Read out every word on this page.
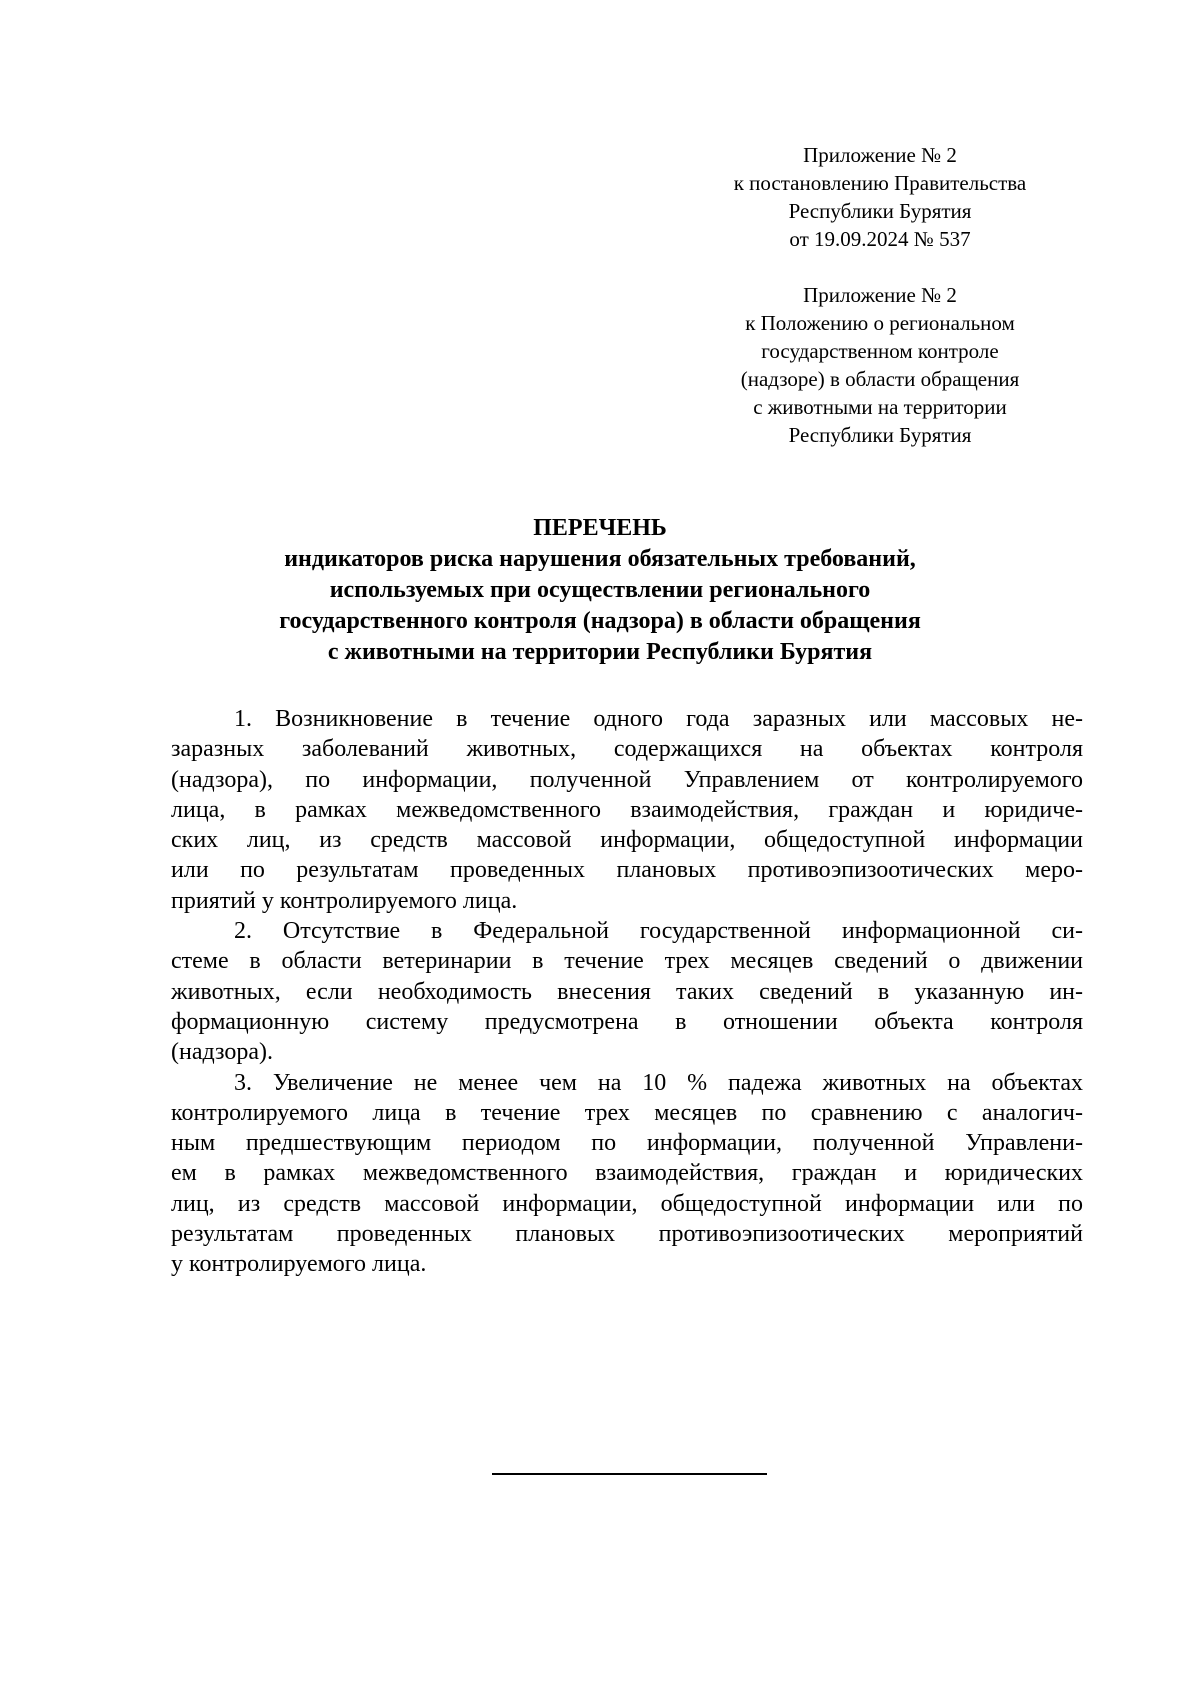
Приложение № 2
к постановлению Правительства
Республики Бурятия
от 19.09.2024 № 537
Приложение № 2
к Положению о региональном
государственном контроле
(надзоре) в области обращения
с животными на территории
Республики Бурятия
ПЕРЕЧЕНЬ
индикаторов риска нарушения обязательных требований,
используемых при осуществлении регионального
государственного контроля (надзора) в области обращения
с животными на территории Республики Бурятия

1. Возникновение в течение одного года заразных или массовых не-
заразных заболеваний животных, содержащихся на объектах контроля
(надзора), по информации, полученной Управлением от контролируемого
лица, в рамках межведомственного взаимодействия, граждан и юридиче-
ских лиц, из средств массовой информации, общедоступной информации
или по результатам проведенных плановых противоэпизоотических меро-
приятий у контролируемого лица.

2. Отсутствие в Федеральной государственной информационной си-
стеме в области ветеринарии в течение трех месяцев сведений о движении
животных, если необходимость внесения таких сведений в указанную ин-
формационную систему предусмотрена в отношении объекта контроля
(надзора).

3. Увеличение не менее чем на 10 % падежа животных на объектах
контролируемого лица в течение трех месяцев по сравнению с аналогич-
ным предшествующим периодом по информации, полученной Управлени-
ем в рамках межведомственного взаимодействия, граждан и юридических
лиц, из средств массовой информации, общедоступной информации или по
результатам проведенных плановых противоэпизоотических мероприятий
у контролируемого лица.
